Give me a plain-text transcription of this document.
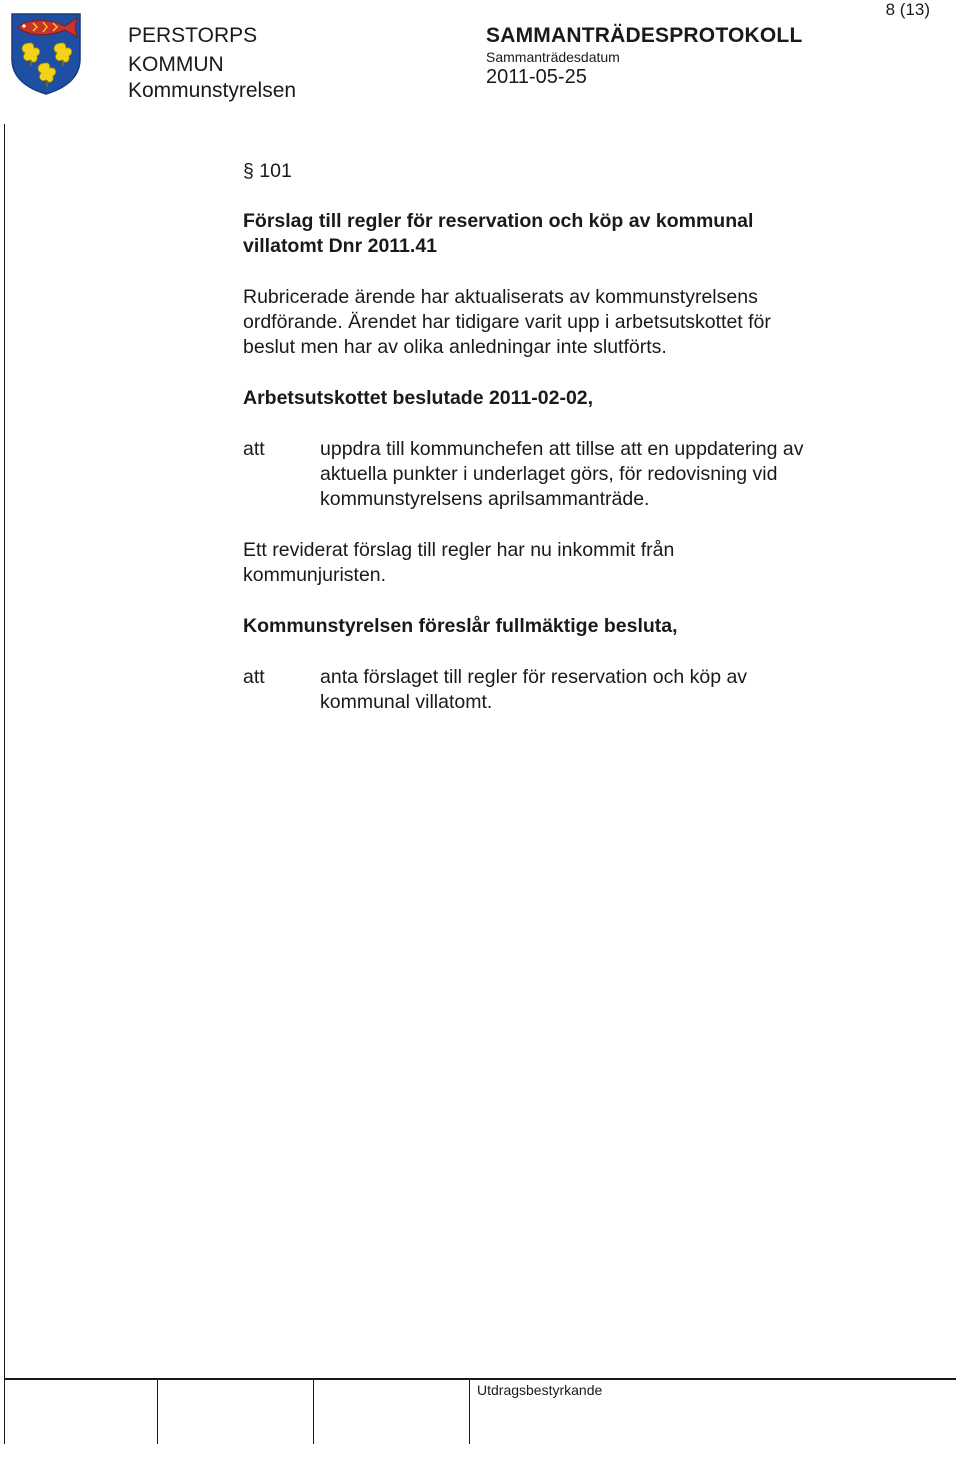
8 (13)
PERSTORPS
KOMMUN
Kommunstyrelsen
SAMMANTRÄDESPROTOKOLL
Sammanträdesdatum
2011-05-25
§ 101
Förslag till regler för reservation och köp av kommunal
villatomt Dnr 2011.41
Rubricerade ärende har aktualiserats av kommunstyrelsens
ordförande. Ärendet har tidigare varit upp i arbetsutskottet för
beslut men har av olika anledningar inte slutförts.
Arbetsutskottet beslutade 2011-02-02,
att	uppdra till kommunchefen att tillse att en uppdatering av
aktuella punkter i underlaget görs, för redovisning vid
kommunstyrelsens aprilsammanträde.
Ett reviderat förslag till regler har nu inkommit från
kommunjuristen.
Kommunstyrelsen föreslår fullmäktige besluta,
att	anta förslaget till regler för reservation och köp av
kommunal villatomt.
Utdragsbestyrkande
